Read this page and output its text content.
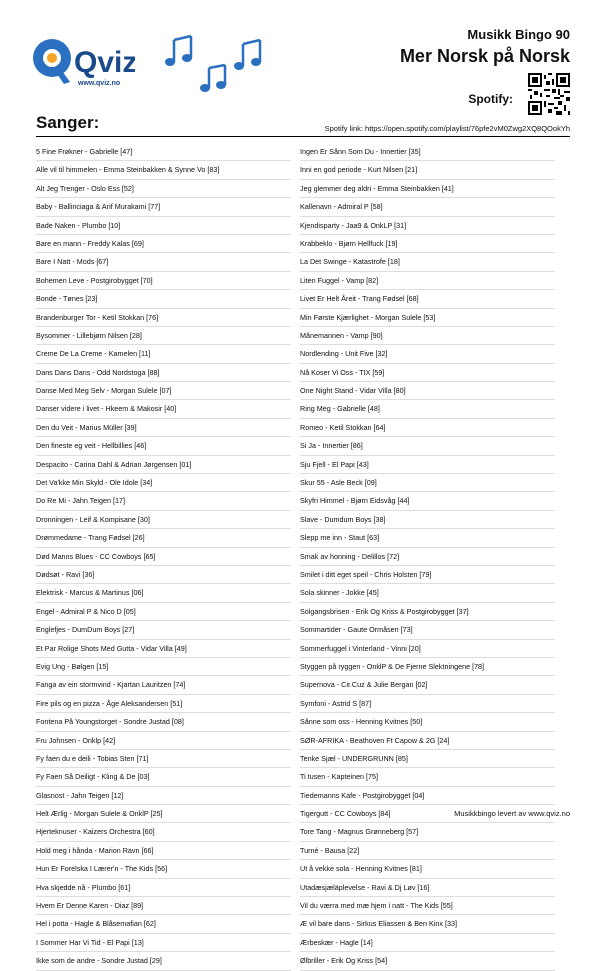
Qviz
www.qviz.no
Musikk Bingo 90
Mer Norsk på Norsk
Spotify:
Sanger:	Spotify link: https://open.spotify.com/playlist/76pfe2vM0Zwg2XQ8QOokYh
5 Fine Frøkner - Gabrielle [47]
Alle vil til himmelen - Emma Steinbakken & Synne Vo [83]
Alt Jeg Trenger - Oslo Ess [52]
Baby - Ballinciaga & Arif Murakami [77]
Bade Naken - Plumbo [10]
Bare en mann - Freddy Kalas [69]
Bare I Natt - Mods [67]
Bohemen Leve - Postgirobygget [70]
Bonde - Tønes [23]
Brandenburger Tor - Ketil Stokkan [76]
Bysommer - Lillebjørn Nilsen [28]
Creme De La Creme - Kamelen [11]
Dans Dans Dans - Odd Nordstoga [88]
Danse Med Meg Selv - Morgan Sulele [07]
Danser videre i livet - Hkeem & Makosir [40]
Den du Veit - Marius Müller [39]
Den fineste eg veit - Hellbillies [46]
Despacito - Carina Dahl & Adrian Jørgensen [01]
Det Va'kke Min Skyld - Ole Idole [34]
Do Re Mi - Jahn Teigen [17]
Dronningen - Leif & Kompisane [30]
Drømmedame - Trang Fødsel [26]
Død Manns Blues - CC Cowboys [65]
Dødsøt - Ravi [36]
Elektrisk - Marcus & Martinus [06]
Engel - Admiral P & Nico D [05]
Englefjes - DumDum Boys [27]
Et Par Rolige Shots Med Gutta - Vidar Villa [49]
Evig Ung - Bølgen [15]
Fanga av ein stormvind - Kjartan Lauritzen [74]
Fire pils og en pizza - Åge Aleksandersen [51]
Fontena På Youngstorget - Sondre Justad [08]
Fru Johnsen - Onklp [42]
Fy faen du e deili - Tobias Sten [71]
Fy Faen Så Deiligt - Kling & De [03]
Glasnost - Jahn Teigen [12]
Helt Ærlig - Morgan Sulele & OnklP [25]
Hjerteknuser - Kaizers Orchestra [60]
Hold meg i hånda - Marion Ravn [66]
Hun Er Forelska I Lærer'n - The Kids [56]
Hva skjedde nå - Plumbo [61]
Hvem Er Denne Karen - Diaz [89]
Hel i potta - Hagle & Blåsemafian [62]
I Sommer Har Vi Tid - El Papi [13]
Ikke som de andre - Sondre Justad [29]
Ingen Er Sånn Som Du - Innertier [35]
Inni en god periode - Kurt Nilsen [21]
Jeg glemmer deg aldri - Emma Steinbakken [41]
Kallenavn - Admiral P [58]
Kjendisparty - Jaa9 & OnkLP [31]
Krabbeklo - Bjørn Hellfuck [19]
La Det Swinge - Katastrofe [18]
Liten Fuggel - Vamp [82]
Livet Er Helt Åreit - Trang Fødsel [68]
Min Første Kjærlighet - Morgan Sulele [53]
Månemannen - Vamp [90]
Nordlending - Unit Five [32]
Nå Koser Vi Oss - TIX [59]
One Night Stand - Vidar Villa [80]
Ring Meg - Gabrielle [48]
Romeo - Ketil Stokkan [64]
Si Ja - Innertier [86]
Sju Fjell - El Papi [43]
Skur 55 - Asle Beck [09]
Skyfri Himmel - Bjørn Eidsvåg [44]
Slave - Dumdum Boys [38]
Slepp me inn - Staut [63]
Smak av honning - Delillos [72]
Smilet i ditt eget speil - Chris Holsten [79]
Sola skinner - Jokke [45]
Solgangsbrisen - Erik Og Kriss & Postgirobygget [37]
Sommartider - Gaute Ormåsen [73]
Sommerfuggel i Vinterland - Vinni [20]
Styggen på ryggen - OnklP & De Fjerne Slektningene [78]
Supernova - Cir.Cuz & Julie Bergan [02]
Symfoni - Astrid S [87]
Sånne som oss - Henning Kvitnes [50]
SØR-AFRIKA - Beathoven Ft Capow & 2G [24]
Tenke Sjæl - UNDERGRUNN [85]
Ti tusen - Kapteinen [75]
Tiedemanns Kafe - Postgirobygget [04]
Tigergutt - CC Cowboys [84]
Tore Tang - Magnus Grønneberg [57]
Turné - Bausa [22]
Ut å vekke sola - Henning Kvitnes [81]
Utadæsjæläplevelse - Ravi & Dj Løv [16]
Vil du værra med mæ hjem i natt - The Kids [55]
Æ vil bare dans - Sirkus Eliassen & Ben Kinx [33]
Ærbeskær - Hagle [14]
Ølbriller - Erik Og Kriss [54]
Musikkbingo levert av www.qviz.no
